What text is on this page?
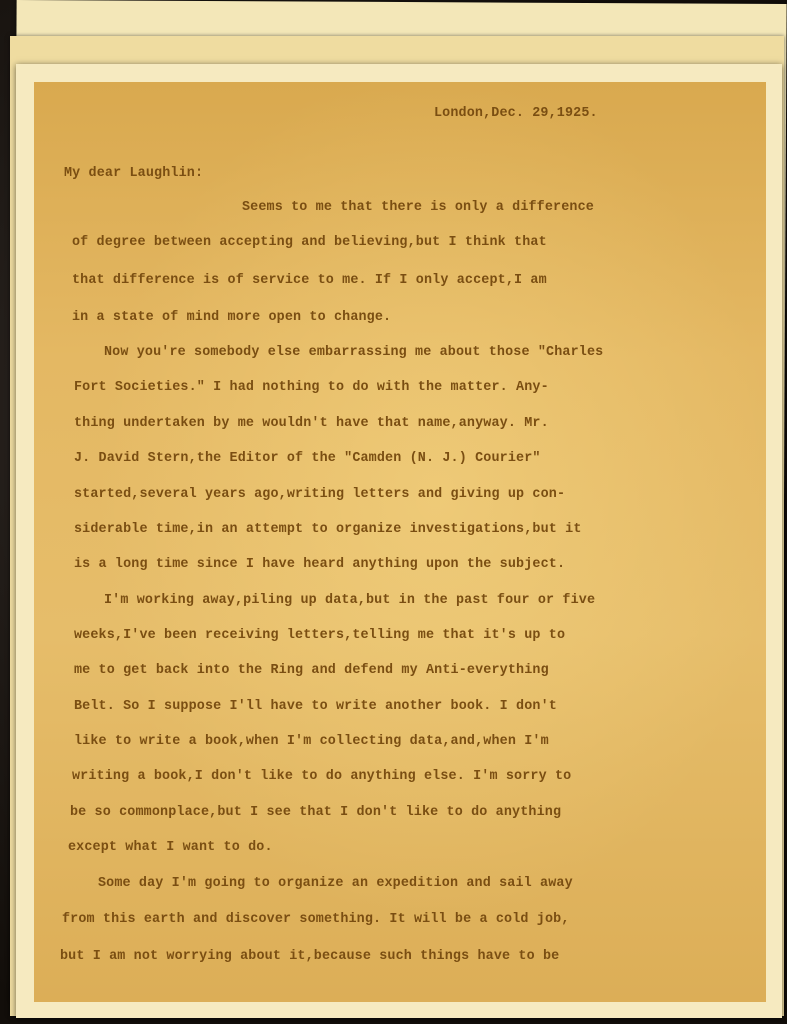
London,Dec. 29,1925.
My dear Laughlin:
Seems to me that there is only a difference
of degree between accepting and believing,but I think that
that difference is of service to me. If I only accept,I am
in a state of mind more open to change.
Now you're somebody else embarrassing me about those "Charles
Fort Societies." I had nothing to do with the matter. Any-
thing undertaken by me wouldn't have that name,anyway. Mr.
J. David Stern,the Editor of the "Camden (N. J.) Courier"
started,several years ago,writing letters and giving up con-
siderable time,in an attempt to organize investigations,but it
is a long time since I have heard anything upon the subject.
I'm working away,piling up data,but in the past four or five
weeks,I've been receiving letters,telling me that it's up to
me to get back into the Ring and defend my Anti-everything
Belt. So I suppose I'll have to write another book. I don't
like to write a book,when I'm collecting data,and,when I'm
writing a book,I don't like to do anything else. I'm sorry to
be so commonplace,but I see that I don't like to do anything
except what I want to do.
Some day I'm going to organize an expedition and sail away
from this earth and discover something. It will be a cold job,
but I am not worrying about it,because such things have to be
